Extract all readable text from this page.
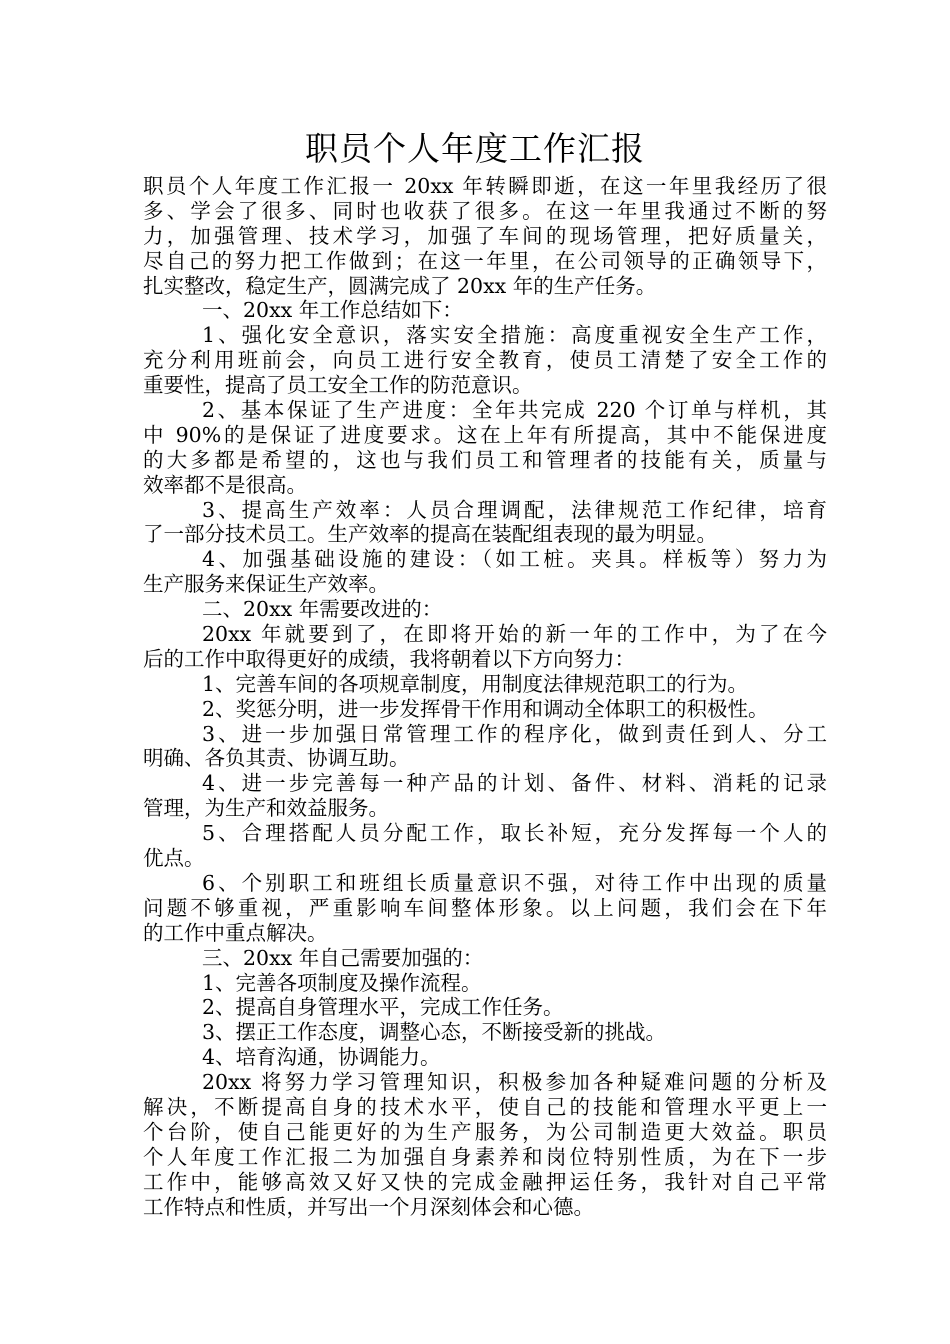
职员个人年度工作汇报
职员个人年度工作汇报一 20xx 年转瞬即逝，在这一年里我经历了很
多、学会了很多、同时也收获了很多。在这一年里我通过不断的努
力，加强管理、技术学习，加强了车间的现场管理，把好质量关，
尽自己的努力把工作做到；在这一年里，在公司领导的正确领导下，
扎实整改，稳定生产，圆满完成了 20xx 年的生产任务。
一、20xx 年工作总结如下：
1、强化安全意识，落实安全措施：高度重视安全生产工作，
充分利用班前会，向员工进行安全教育，使员工清楚了安全工作的
重要性，提高了员工安全工作的防范意识。
2、基本保证了生产进度：全年共完成 220 个订单与样机，其
中 90%的是保证了进度要求。这在上年有所提高，其中不能保进度
的大多都是希望的，这也与我们员工和管理者的技能有关，质量与
效率都不是很高。
3、提高生产效率：人员合理调配，法律规范工作纪律，培育
了一部分技术员工。生产效率的提高在装配组表现的最为明显。
4、加强基础设施的建设：（如工桩。夹具。样板等）努力为
生产服务来保证生产效率。
二、20xx 年需要改进的：
20xx 年就要到了，在即将开始的新一年的工作中，为了在今
后的工作中取得更好的成绩，我将朝着以下方向努力：
1、完善车间的各项规章制度，用制度法律规范职工的行为。
2、奖惩分明，进一步发挥骨干作用和调动全体职工的积极性。
3、进一步加强日常管理工作的程序化，做到责任到人、分工
明确、各负其责、协调互助。
4、进一步完善每一种产品的计划、备件、材料、消耗的记录
管理，为生产和效益服务。
5、合理搭配人员分配工作，取长补短，充分发挥每一个人的
优点。
6、个别职工和班组长质量意识不强，对待工作中出现的质量
问题不够重视，严重影响车间整体形象。以上问题，我们会在下年
的工作中重点解决。
三、20xx 年自己需要加强的：
1、完善各项制度及操作流程。
2、提高自身管理水平，完成工作任务。
3、摆正工作态度，调整心态，不断接受新的挑战。
4、培育沟通，协调能力。
20xx 将努力学习管理知识，积极参加各种疑难问题的分析及
解决，不断提高自身的技术水平，使自己的技能和管理水平更上一
个台阶，使自己能更好的为生产服务，为公司制造更大效益。职员
个人年度工作汇报二为加强自身素养和岗位特别性质，为在下一步
工作中，能够高效又好又快的完成金融押运任务，我针对自己平常
工作特点和性质，并写出一个月深刻体会和心德。
